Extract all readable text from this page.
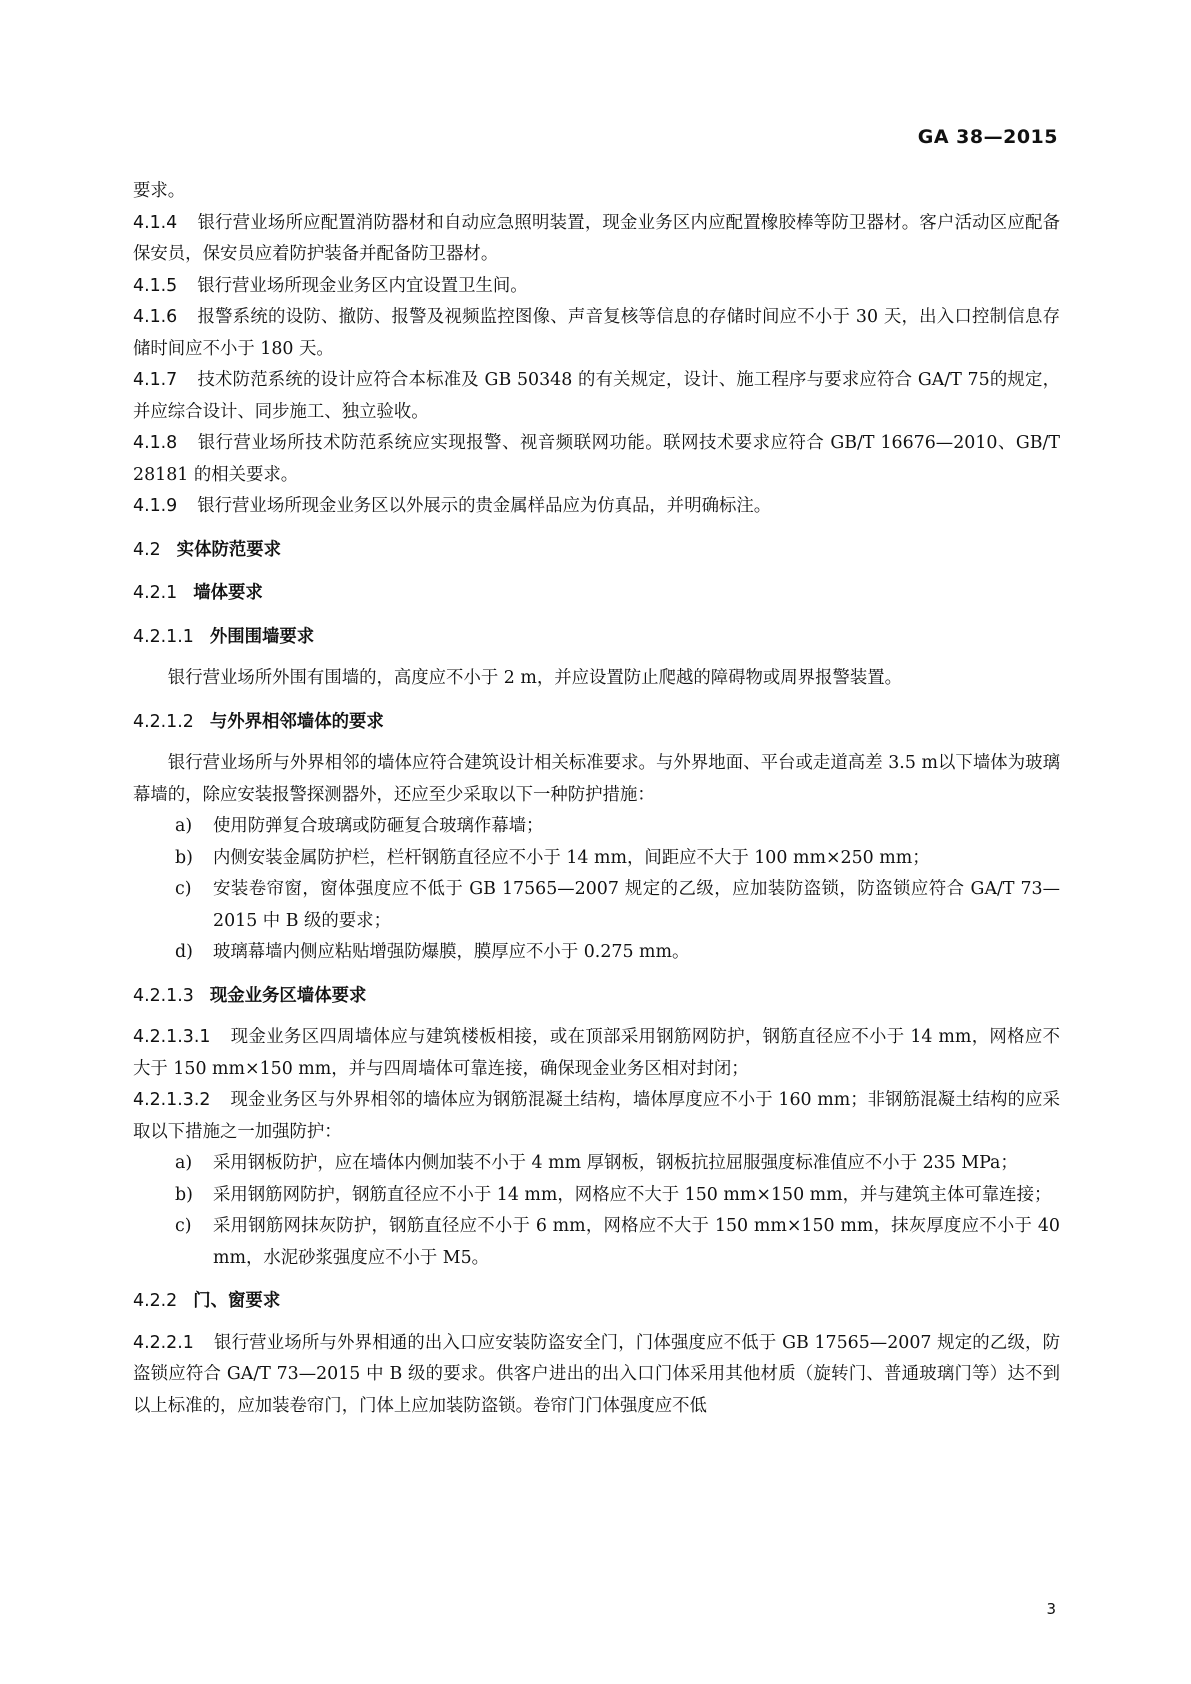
GA 38—2015

要求。

4.1.4 银行营业场所应配置消防器材和自动应急照明装置，现金业务区内应配置橡胶棒等防卫器材。客户活动区应配备保安员，保安员应着防护装备并配备防卫器材。

4.1.5 银行营业场所现金业务区内宜设置卫生间。

4.1.6 报警系统的设防、撤防、报警及视频监控图像、声音复核等信息的存储时间应不小于 30 天，出入口控制信息存储时间应不小于 180 天。

4.1.7 技术防范系统的设计应符合本标准及 GB 50348 的有关规定，设计、施工程序与要求应符合 GA/T 75的规定，并应综合设计、同步施工、独立验收。

4.1.8 银行营业场所技术防范系统应实现报警、视音频联网功能。联网技术要求应符合 GB/T 16676—2010、GB/T 28181 的相关要求。

4.1.9 银行营业场所现金业务区以外展示的贵金属样品应为仿真品，并明确标注。

4.2 实体防范要求
4.2.1 墙体要求
4.2.1.1 外围围墙要求

银行营业场所外围有围墙的，高度应不小于 2 m，并应设置防止爬越的障碍物或周界报警装置。

4.2.1.2 与外界相邻墙体的要求

银行营业场所与外界相邻的墙体应符合建筑设计相关标准要求。与外界地面、平台或走道高差 3.5 m以下墙体为玻璃幕墙的，除应安装报警探测器外，还应至少采取以下一种防护措施：

a)	使用防弹复合玻璃或防砸复合玻璃作幕墙；
b)	内侧安装金属防护栏，栏杆钢筋直径应不小于 14 mm，间距应不大于 100 mm×250 mm；
c)	安装卷帘窗，窗体强度应不低于 GB 17565—2007 规定的乙级，应加装防盗锁，防盗锁应符合 GA/T 73—2015 中 B 级的要求；
d)	玻璃幕墙内侧应粘贴增强防爆膜，膜厚应不小于 0.275 mm。
4.2.1.3 现金业务区墙体要求

4.2.1.3.1 现金业务区四周墙体应与建筑楼板相接，或在顶部采用钢筋网防护，钢筋直径应不小于 14 mm，网格应不大于 150 mm×150 mm，并与四周墙体可靠连接，确保现金业务区相对封闭；

4.2.1.3.2 现金业务区与外界相邻的墙体应为钢筋混凝土结构，墙体厚度应不小于 160 mm；非钢筋混凝土结构的应采取以下措施之一加强防护：

a)	采用钢板防护，应在墙体内侧加装不小于 4 mm 厚钢板，钢板抗拉屈服强度标准值应不小于 235 MPa；
b)	采用钢筋网防护，钢筋直径应不小于 14 mm，网格应不大于 150 mm×150 mm，并与建筑主体可靠连接；
c)	采用钢筋网抹灰防护，钢筋直径应不小于 6 mm，网格应不大于 150 mm×150 mm，抹灰厚度应不小于 40 mm，水泥砂浆强度应不小于 M5。
4.2.2 门、窗要求

4.2.2.1 银行营业场所与外界相通的出入口应安装防盗安全门，门体强度应不低于 GB 17565—2007 规定的乙级，防盗锁应符合 GA/T 73—2015 中 B 级的要求。供客户进出的出入口门体采用其他材质（旋转门、普通玻璃门等）达不到以上标准的，应加装卷帘门，门体上应加装防盗锁。卷帘门门体强度应不低

3
